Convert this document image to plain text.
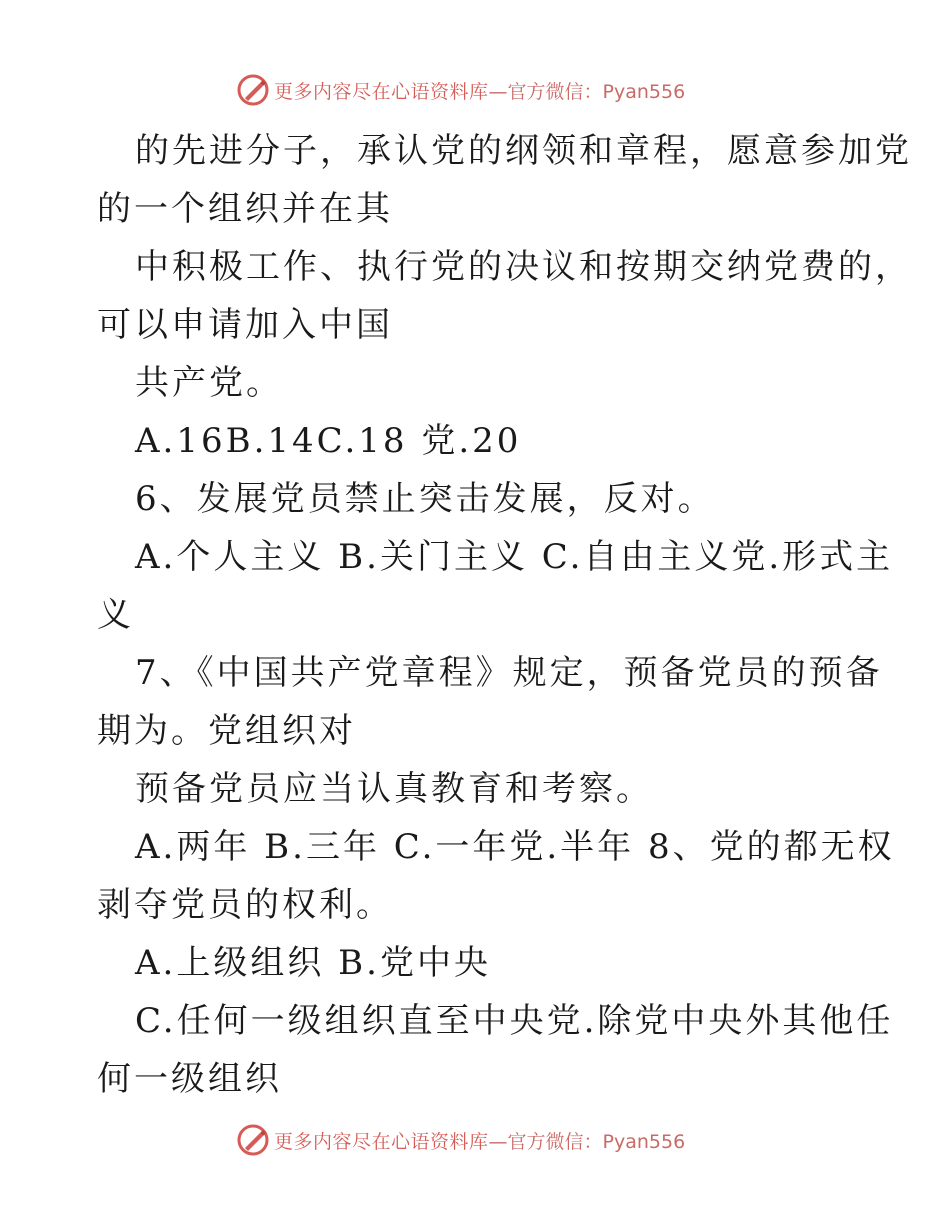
更多内容尽在心语资料库 —官方微信：Pyan556
的先进分子，承认党的纲领和章程，愿意参加党
的一个组织并在其
中积极工作、执行党的决议和按期交纳党费的，
可以申请加入中国
共产党。
A.16B.14C.18 党.20
6、发展党员禁止突击发展，反对。
A.个人主义 B.关门主义 C.自由主义党.形式主
义
7、《中国共产党章程》规定，预备党员的预备
期为。党组织对
预备党员应当认真教育和考察。
A.两年 B.三年 C.一年党.半年 8、党的都无权
剥夺党员的权利。
A.上级组织 B.党中央
C.任何一级组织直至中央党.除党中央外其他任
何一级组织
更多内容尽在心语资料库 —官方微信：Pyan556
